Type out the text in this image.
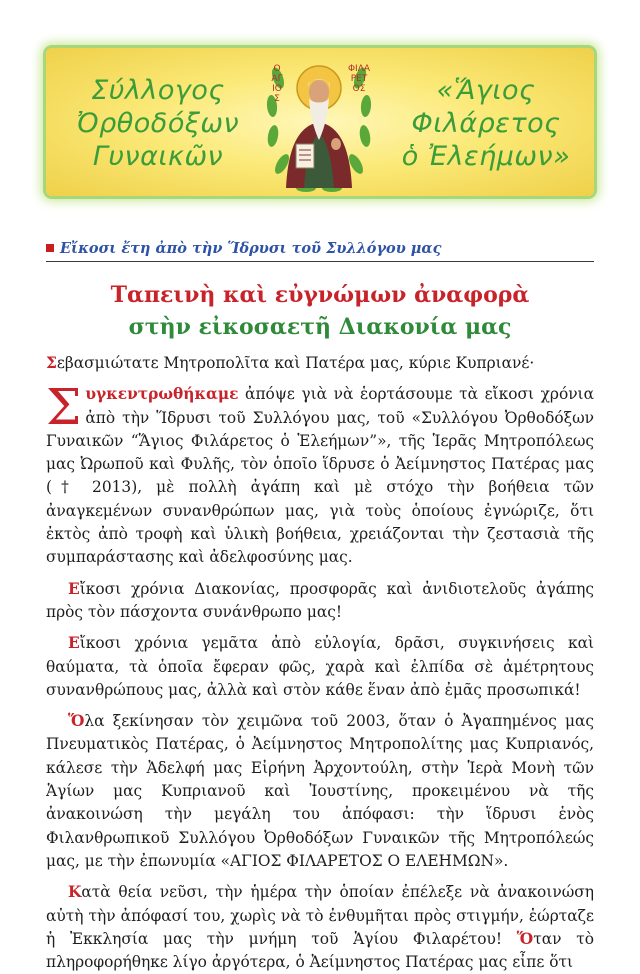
Σύλλογος
Ὀρθοδόξων
Γυναικῶν
Ο
ΑΓ
ΙΟ
Σ
ΦΙΛΑ
ΡΕΤ
ΟΣ	«Ἅγιος
Φιλάρετος
ὁ Ἐλεήμων»
Εἴκοσι ἔτη ἀπὸ τὴν Ἵδρυσι τοῦ Συλλόγου μας
Ταπεινὴ καὶ εὐγνώμων ἀναφορὰ
στὴν εἰκοσαετῆ Διακονία μας

Σεβασμιώτατε Μητροπολῖτα καὶ Πατέρα μας, κύριε Κυπριανέ·

Συγκεντρωθήκαμε ἀπόψε γιὰ νὰ ἑορτάσουμε τὰ εἴκοσι χρόνια ἀπὸ τὴν Ἵδρυσι τοῦ Συλλόγου μας, τοῦ «Συλλόγου Ὀρθοδόξων Γυναικῶν “Ἅγιος Φιλάρετος ὁ Ἐλεήμων”», τῆς Ἱερᾶς Μητροπόλεως μας Ὠρωποῦ καὶ Φυλῆς, τὸν ὁποῖο ἵδρυσε ὁ Ἀείμνηστος Πατέρας μας († 2013), μὲ πολλὴ ἀγάπη καὶ μὲ στόχο τὴν βοήθεια τῶν ἀναγκεμένων συνανθρώπων μας, γιὰ τοὺς ὁποίους ἐγνώριζε, ὅτι ἐκτὸς ἀπὸ τροφὴ καὶ ὑλικὴ βοήθεια, χρειάζονται τὴν ζεστασιὰ τῆς συμπαράστασης καὶ ἀδελφοσύνης μας.

Εἴκοσι χρόνια Διακονίας, προσφορᾶς καὶ ἀνιδιοτελοῦς ἀγάπης πρὸς τὸν πάσχοντα συνάνθρωπο μας!

Εἴκοσι χρόνια γεμᾶτα ἀπὸ εὐλογία, δρᾶσι, συγκινήσεις καὶ θαύματα, τὰ ὁποῖα ἔφεραν φῶς, χαρὰ καὶ ἐλπίδα σὲ ἀμέτρητους συνανθρώπους μας, ἀλλὰ καὶ στὸν κάθε ἕναν ἀπὸ ἐμᾶς προσωπικά!

Ὅλα ξεκίνησαν τὸν χειμῶνα τοῦ 2003, ὅταν ὁ Ἀγαπημένος μας Πνευματικὸς Πατέρας, ὁ Ἀείμνηστος Μητροπολίτης μας Κυπριανός, κάλεσε τὴν Ἀδελφή μας Εἰρήνη Ἀρχοντούλη, στὴν Ἱερὰ Μονὴ τῶν Ἁγίων μας Κυπριανοῦ καὶ Ἰουστίνης, προκειμένου νὰ τῆς ἀνακοινώση τὴν μεγάλη του ἀπόφασι: τὴν ἵδρυσι ἑνὸς Φιλανθρωπικοῦ Συλλόγου Ὀρθοδόξων Γυναικῶν τῆς Μητροπόλεώς μας, με τὴν ἐπωνυμία «ΑΓΙΟΣ ΦΙΛΑΡΕΤΟΣ Ο ΕΛΕΗΜΩΝ».

Κατὰ θεία νεῦσι, τὴν ἡμέρα τὴν ὁποίαν ἐπέλεξε νὰ ἀνακοινώση αὐτὴ τὴν ἀπόφασί του, χωρὶς νὰ τὸ ἐνθυμῆται πρὸς στιγμήν, ἑώρταζε ἡ Ἐκκλησία μας τὴν μνήμη τοῦ Ἁγίου Φιλαρέτου! Ὅταν τὸ πληροφορήθηκε λίγο ἀργότερα, ὁ Ἀείμνηστος Πατέρας μας εἶπε ὅτι
